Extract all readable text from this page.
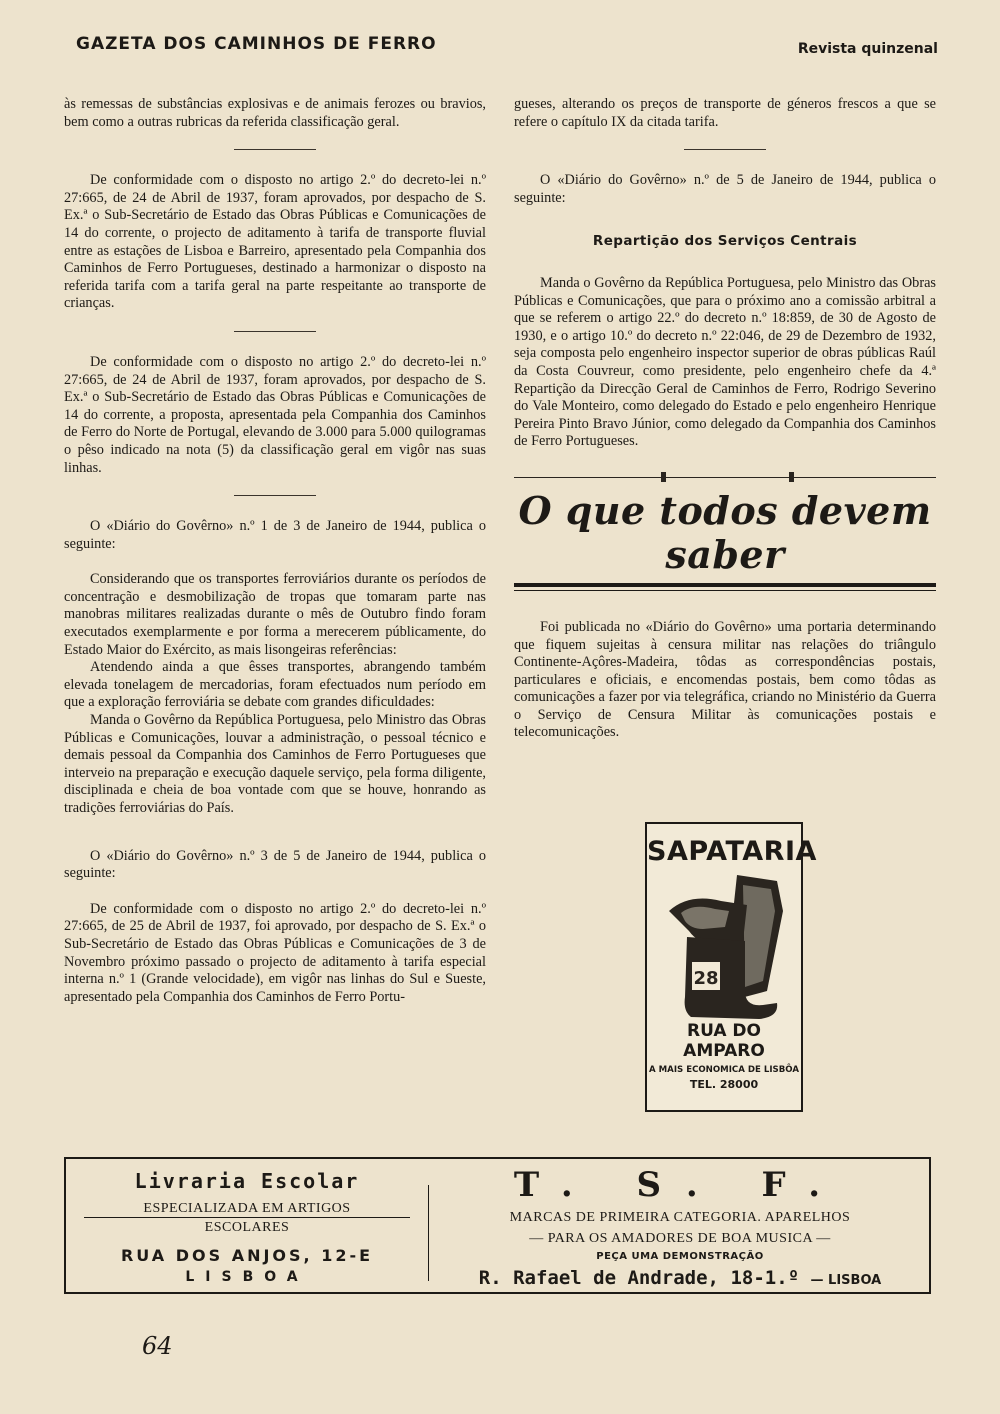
GAZETA DOS CAMINHOS DE FERRO	Revista quinzenal

às remessas de substâncias explosivas e de animais ferozes ou bravios, bem como a outras rubricas da referida classificação geral.

De conformidade com o disposto no artigo 2.º do decreto-lei n.º 27:665, de 24 de Abril de 1937, foram aprovados, por despacho de S. Ex.ª o Sub-Secretário de Estado das Obras Públicas e Comunicações de 14 do corrente, o projecto de aditamento à tarifa de transporte fluvial entre as estações de Lisboa e Barreiro, apresentado pela Companhia dos Caminhos de Ferro Portugueses, destinado a harmonizar o disposto na referida tarifa com a tarifa geral na parte respeitante ao transporte de crianças.

De conformidade com o disposto no artigo 2.º do decreto-lei n.º 27:665, de 24 de Abril de 1937, foram aprovados, por despacho de S. Ex.ª o Sub-Secretário de Estado das Obras Públicas e Comunicações de 14 do corrente, a proposta, apresentada pela Companhia dos Caminhos de Ferro do Norte de Portugal, elevando de 3.000 para 5.000 quilogramas o pêso indicado na nota (5) da classificação geral em vigôr nas suas linhas.

O «Diário do Govêrno» n.º 1 de 3 de Janeiro de 1944, publica o seguinte:

Considerando que os transportes ferroviários durante os períodos de concentração e desmobilização de tropas que tomaram parte nas manobras militares realizadas durante o mês de Outubro findo foram executados exemplarmente e por forma a merecerem públicamente, do Estado Maior do Exército, as mais lisongeiras referências:

Atendendo ainda a que êsses transportes, abrangendo também elevada tonelagem de mercadorias, foram efectuados num período em que a exploração ferroviária se debate com grandes dificuldades:

Manda o Govêrno da República Portuguesa, pelo Ministro das Obras Públicas e Comunicações, louvar a administração, o pessoal técnico e demais pessoal da Companhia dos Caminhos de Ferro Portugueses que interveio na preparação e execução daquele serviço, pela forma diligente, disciplinada e cheia de boa vontade com que se houve, honrando as tradições ferroviárias do País.

O «Diário do Govêrno» n.º 3 de 5 de Janeiro de 1944, publica o seguinte:

De conformidade com o disposto no artigo 2.º do decreto-lei n.º 27:665, de 25 de Abril de 1937, foi aprovado, por despacho de S. Ex.ª o Sub-Secretário de Estado das Obras Públicas e Comunicações de 3 de Novembro próximo passado o projecto de aditamento à tarifa especial interna n.º 1 (Grande velocidade), em vigôr nas linhas do Sul e Sueste, apresentado pela Companhia dos Caminhos de Ferro Portu-

gueses, alterando os preços de transporte de géneros frescos a que se refere o capítulo IX da citada tarifa.

O «Diário do Govêrno» n.º de 5 de Janeiro de 1944, publica o seguinte:

Repartição dos Serviços Centrais

Manda o Govêrno da República Portuguesa, pelo Ministro das Obras Públicas e Comunicações, que para o próximo ano a comissão arbitral a que se referem o artigo 22.º do decreto n.º 18:859, de 30 de Agosto de 1930, e o artigo 10.º do decreto n.º 22:046, de 29 de Dezembro de 1932, seja composta pelo engenheiro inspector superior de obras públicas Raúl da Costa Couvreur, como presidente, pelo engenheiro chefe da 4.ª Repartição da Direcção Geral de Caminhos de Ferro, Rodrigo Severino do Vale Monteiro, como delegado do Estado e pelo engenheiro Henrique Pereira Pinto Bravo Júnior, como delegado da Companhia dos Caminhos de Ferro Portugueses.

O que todos devem saber

Foi publicada no «Diário do Govêrno» uma portaria determinando que fiquem sujeitas à censura militar nas relações do triângulo Continente-Açôres-Madeira, tôdas as correspondências postais, particulares e oficiais, e encomendas postais, bem como tôdas as comunicações a fazer por via telegráfica, criando no Ministério da Guerra o Serviço de Censura Militar às comunicações postais e telecomunicações.

SAPATARIA
28
RUA DO AMPARO
A MAIS ECONOMICA DE LISBÔA
TEL. 28000
Livraria Escolar
ESPECIALIZADA EM ARTIGOS
ESCOLARES
RUA DOS ANJOS, 12-E
LISBOA
T. S. F.
MARCAS DE PRIMEIRA CATEGORIA. APARELHOS
— PARA OS AMADORES DE BOA MUSICA —
PEÇA UMA DEMONSTRAÇÃO
R. Rafael de Andrade, 18-1.º — LISBOA
64
